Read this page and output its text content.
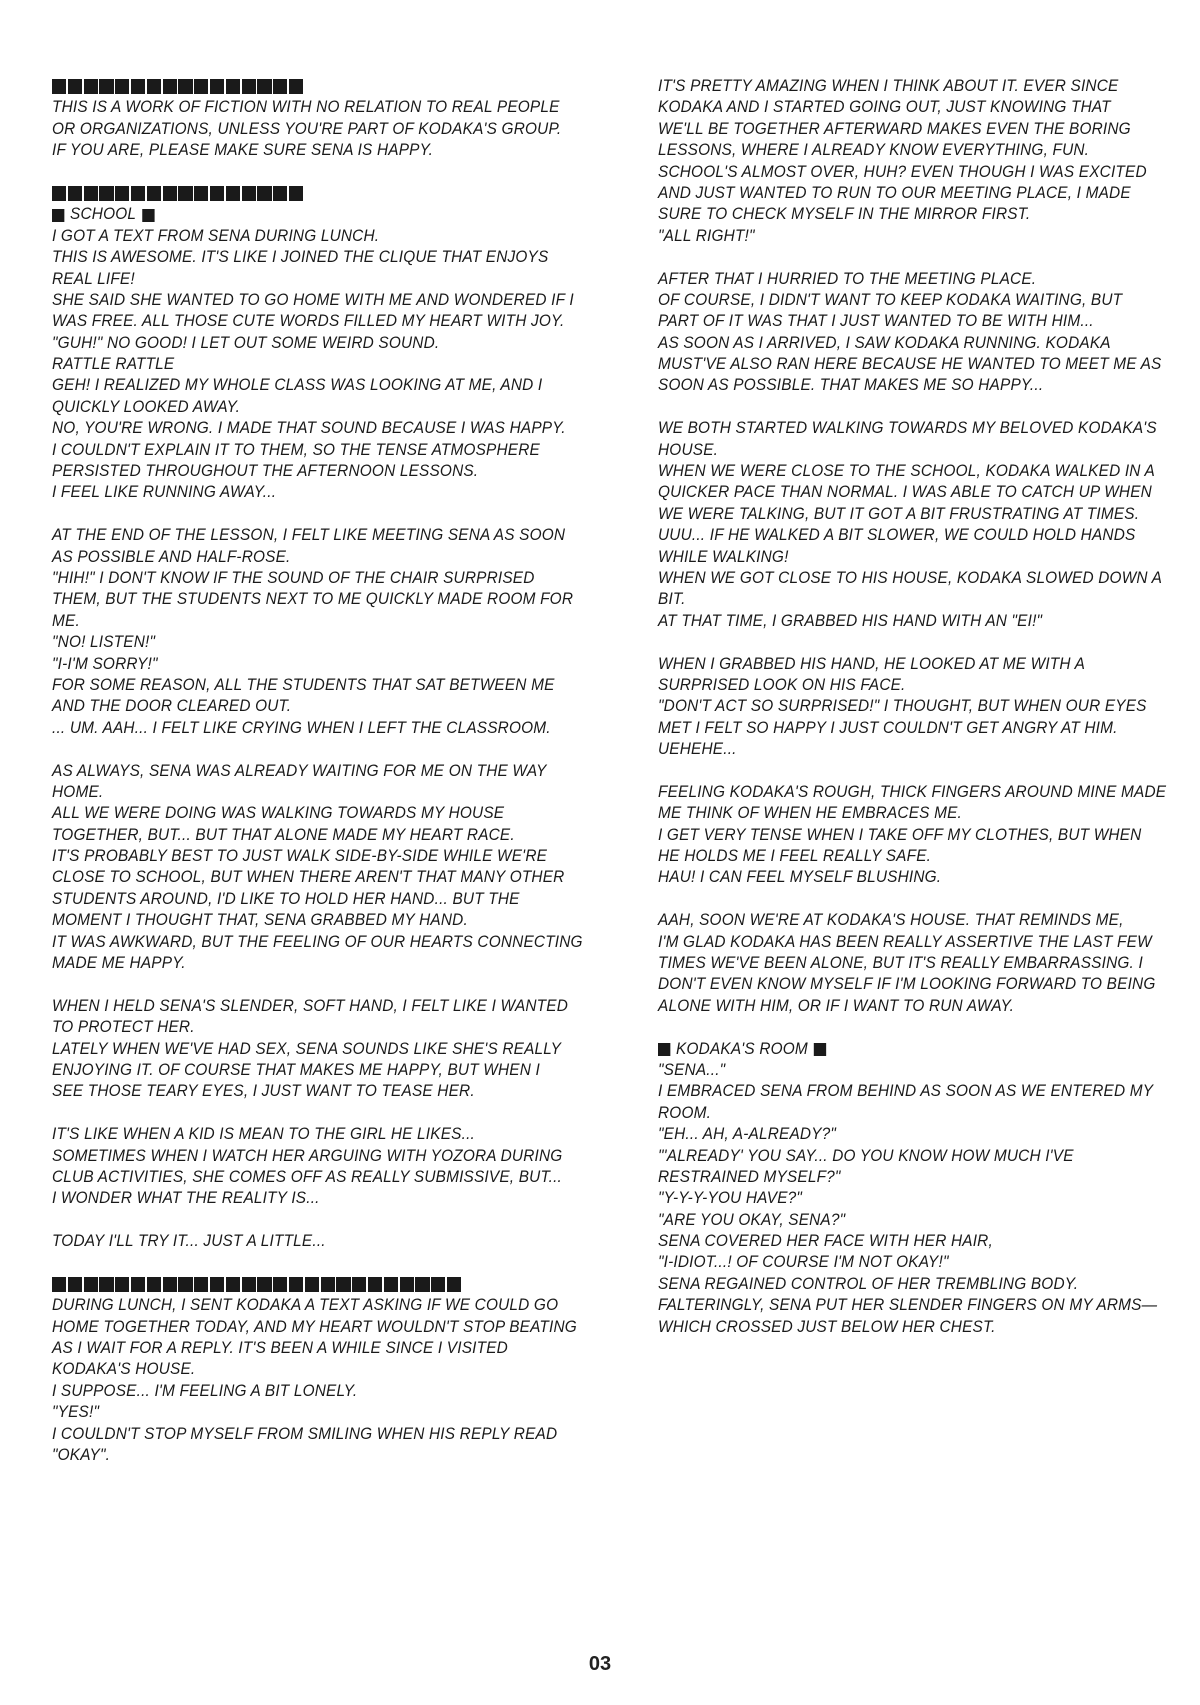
THIS IS A WORK OF FICTION WITH NO RELATION TO REAL PEOPLE
OR ORGANIZATIONS, UNLESS YOU'RE PART OF KODAKA'S GROUP.
IF YOU ARE, PLEASE MAKE SURE SENA IS HAPPY.
SCHOOL
I GOT A TEXT FROM SENA DURING LUNCH.
THIS IS AWESOME. IT'S LIKE I JOINED THE CLIQUE THAT ENJOYS
REAL LIFE!
SHE SAID SHE WANTED TO GO HOME WITH ME AND WONDERED IF I
WAS FREE. ALL THOSE CUTE WORDS FILLED MY HEART WITH JOY.
"GUH!" NO GOOD! I LET OUT SOME WEIRD SOUND.
RATTLE RATTLE
GEH! I REALIZED MY WHOLE CLASS WAS LOOKING AT ME, AND I
QUICKLY LOOKED AWAY.
NO, YOU'RE WRONG. I MADE THAT SOUND BECAUSE I WAS HAPPY.
I COULDN'T EXPLAIN IT TO THEM, SO THE TENSE ATMOSPHERE
PERSISTED THROUGHOUT THE AFTERNOON LESSONS.
I FEEL LIKE RUNNING AWAY...
AT THE END OF THE LESSON, I FELT LIKE MEETING SENA AS SOON
AS POSSIBLE AND HALF-ROSE.
"HIH!" I DON'T KNOW IF THE SOUND OF THE CHAIR SURPRISED
THEM, BUT THE STUDENTS NEXT TO ME QUICKLY MADE ROOM FOR
ME.
"NO! LISTEN!"
"I-I'M SORRY!"
FOR SOME REASON, ALL THE STUDENTS THAT SAT BETWEEN ME
AND THE DOOR CLEARED OUT.
... UM. AAH... I FELT LIKE CRYING WHEN I LEFT THE CLASSROOM.
AS ALWAYS, SENA WAS ALREADY WAITING FOR ME ON THE WAY
HOME.
ALL WE WERE DOING WAS WALKING TOWARDS MY HOUSE
TOGETHER, BUT... BUT THAT ALONE MADE MY HEART RACE.
IT'S PROBABLY BEST TO JUST WALK SIDE-BY-SIDE WHILE WE'RE
CLOSE TO SCHOOL, BUT WHEN THERE AREN'T THAT MANY OTHER
STUDENTS AROUND, I'D LIKE TO HOLD HER HAND... BUT THE
MOMENT I THOUGHT THAT, SENA GRABBED MY HAND.
IT WAS AWKWARD, BUT THE FEELING OF OUR HEARTS CONNECTING
MADE ME HAPPY.
WHEN I HELD SENA'S SLENDER, SOFT HAND, I FELT LIKE I WANTED
TO PROTECT HER.
LATELY WHEN WE'VE HAD SEX, SENA SOUNDS LIKE SHE'S REALLY
ENJOYING IT. OF COURSE THAT MAKES ME HAPPY, BUT WHEN I
SEE THOSE TEARY EYES, I JUST WANT TO TEASE HER.
IT'S LIKE WHEN A KID IS MEAN TO THE GIRL HE LIKES...
SOMETIMES WHEN I WATCH HER ARGUING WITH YOZORA DURING
CLUB ACTIVITIES, SHE COMES OFF AS REALLY SUBMISSIVE, BUT...
I WONDER WHAT THE REALITY IS...
TODAY I'LL TRY IT... JUST A LITTLE...
DURING LUNCH, I SENT KODAKA A TEXT ASKING IF WE COULD GO
HOME TOGETHER TODAY, AND MY HEART WOULDN'T STOP BEATING
AS I WAIT FOR A REPLY. IT'S BEEN A WHILE SINCE I VISITED
KODAKA'S HOUSE.
I SUPPOSE... I'M FEELING A BIT LONELY.
"YES!"
I COULDN'T STOP MYSELF FROM SMILING WHEN HIS REPLY READ
"OKAY".
IT'S PRETTY AMAZING WHEN I THINK ABOUT IT. EVER SINCE
KODAKA AND I STARTED GOING OUT, JUST KNOWING THAT
WE'LL BE TOGETHER AFTERWARD MAKES EVEN THE BORING
LESSONS, WHERE I ALREADY KNOW EVERYTHING, FUN.
SCHOOL'S ALMOST OVER, HUH? EVEN THOUGH I WAS EXCITED
AND JUST WANTED TO RUN TO OUR MEETING PLACE, I MADE
SURE TO CHECK MYSELF IN THE MIRROR FIRST.
"ALL RIGHT!"
AFTER THAT I HURRIED TO THE MEETING PLACE.
OF COURSE, I DIDN'T WANT TO KEEP KODAKA WAITING, BUT
PART OF IT WAS THAT I JUST WANTED TO BE WITH HIM...
AS SOON AS I ARRIVED, I SAW KODAKA RUNNING. KODAKA
MUST'VE ALSO RAN HERE BECAUSE HE WANTED TO MEET ME AS
SOON AS POSSIBLE. THAT MAKES ME SO HAPPY...
WE BOTH STARTED WALKING TOWARDS MY BELOVED KODAKA'S
HOUSE.
WHEN WE WERE CLOSE TO THE SCHOOL, KODAKA WALKED IN A
QUICKER PACE THAN NORMAL. I WAS ABLE TO CATCH UP WHEN
WE WERE TALKING, BUT IT GOT A BIT FRUSTRATING AT TIMES.
UUU... IF HE WALKED A BIT SLOWER, WE COULD HOLD HANDS
WHILE WALKING!
WHEN WE GOT CLOSE TO HIS HOUSE, KODAKA SLOWED DOWN A
BIT.
AT THAT TIME, I GRABBED HIS HAND WITH AN "EI!"
WHEN I GRABBED HIS HAND, HE LOOKED AT ME WITH A
SURPRISED LOOK ON HIS FACE.
"DON'T ACT SO SURPRISED!" I THOUGHT, BUT WHEN OUR EYES
MET I FELT SO HAPPY I JUST COULDN'T GET ANGRY AT HIM.
UEHEHE...
FEELING KODAKA'S ROUGH, THICK FINGERS AROUND MINE MADE
ME THINK OF WHEN HE EMBRACES ME.
I GET VERY TENSE WHEN I TAKE OFF MY CLOTHES, BUT WHEN
HE HOLDS ME I FEEL REALLY SAFE.
HAU! I CAN FEEL MYSELF BLUSHING.
AAH, SOON WE'RE AT KODAKA'S HOUSE. THAT REMINDS ME,
I'M GLAD KODAKA HAS BEEN REALLY ASSERTIVE THE LAST FEW
TIMES WE'VE BEEN ALONE, BUT IT'S REALLY EMBARRASSING. I
DON'T EVEN KNOW MYSELF IF I'M LOOKING FORWARD TO BEING
ALONE WITH HIM, OR IF I WANT TO RUN AWAY.
KODAKA'S ROOM
"SENA..."
I EMBRACED SENA FROM BEHIND AS SOON AS WE ENTERED MY
ROOM.
"EH... AH, A-ALREADY?"
"'ALREADY' YOU SAY... DO YOU KNOW HOW MUCH I'VE
RESTRAINED MYSELF?"
"Y-Y-Y-YOU HAVE?"
"ARE YOU OKAY, SENA?"
SENA COVERED HER FACE WITH HER HAIR,
"I-IDIOT...! OF COURSE I'M NOT OKAY!"
SENA REGAINED CONTROL OF HER TREMBLING BODY.
FALTERINGLY, SENA PUT HER SLENDER FINGERS ON MY ARMS—
WHICH CROSSED JUST BELOW HER CHEST.
03
